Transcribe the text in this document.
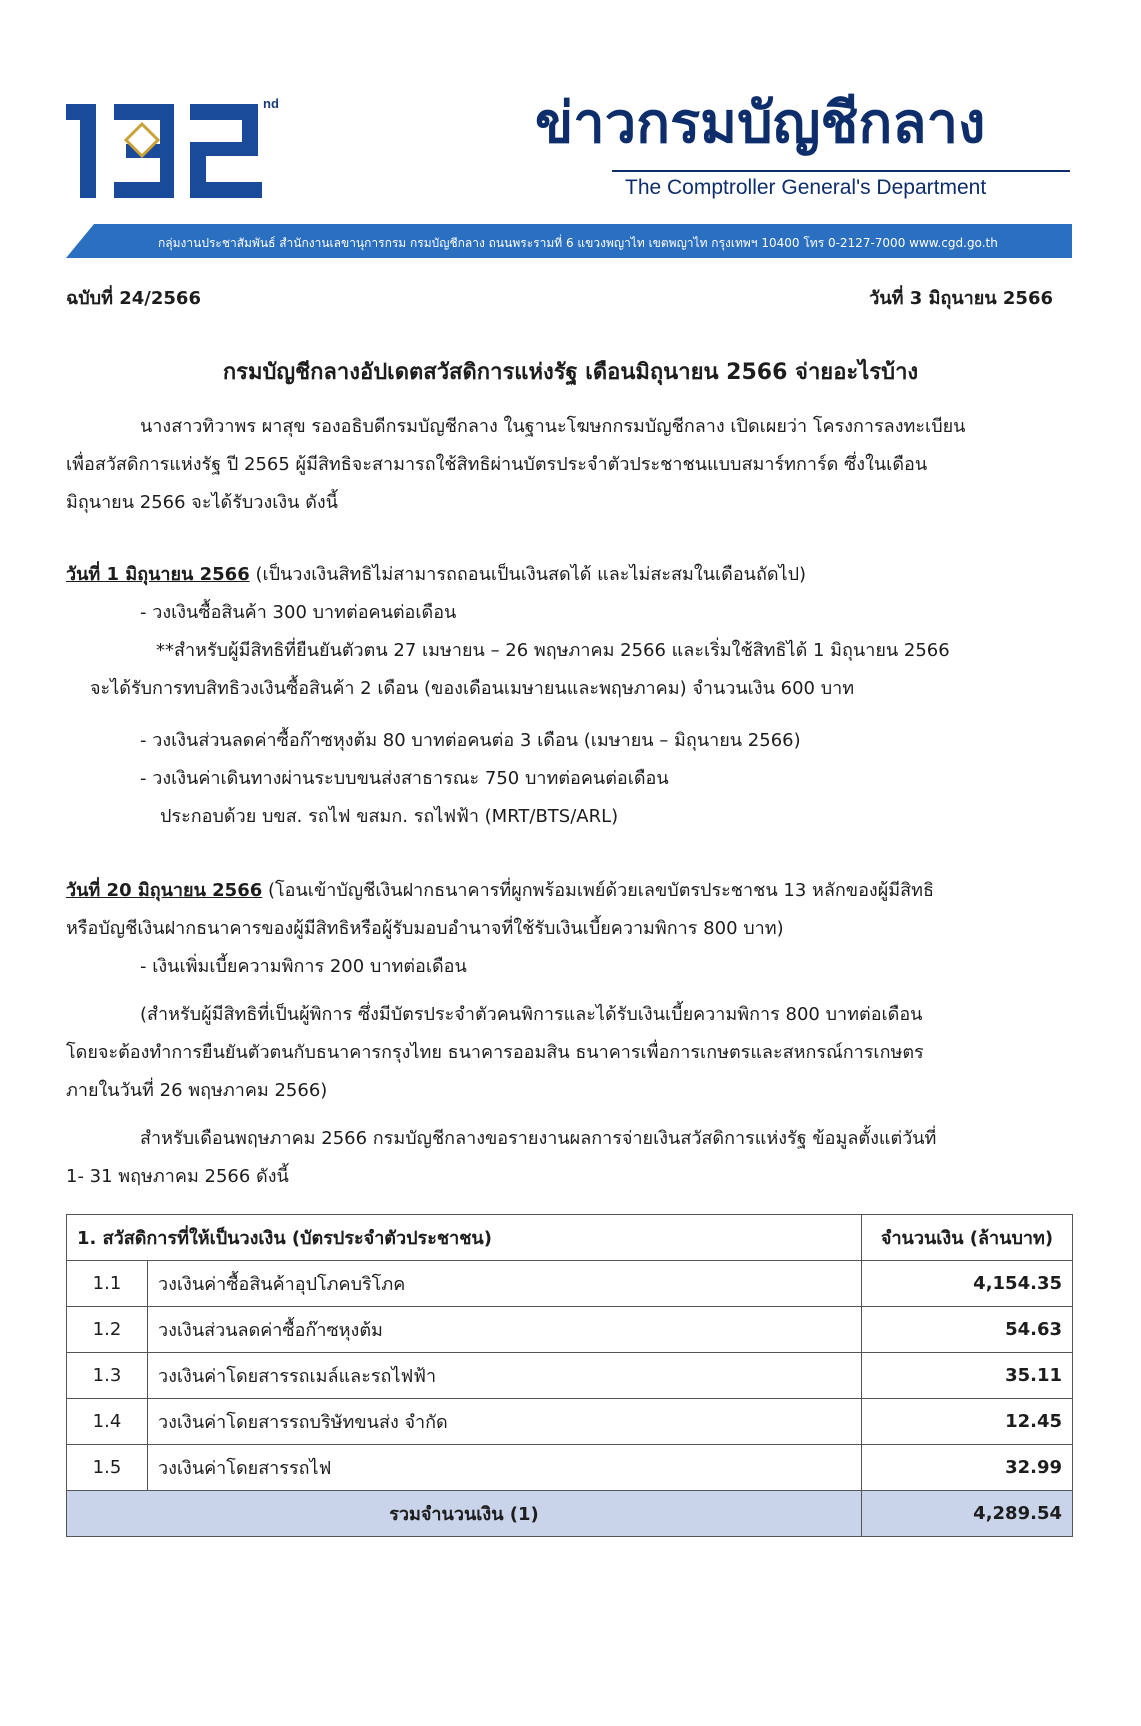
nd	ข่าวกรมบัญชีกลาง
The Comptroller General's Department
กลุ่มงานประชาสัมพันธ์ สำนักงานเลขานุการกรม กรมบัญชีกลาง ถนนพระรามที่ 6 แขวงพญาไท เขตพญาไท กรุงเทพฯ 10400 โทร 0-2127-7000 www.cgd.go.th
ฉบับที่ 24/2566	วันที่ 3 มิถุนายน 2566
กรมบัญชีกลางอัปเดตสวัสดิการแห่งรัฐ เดือนมิถุนายน 2566 จ่ายอะไรบ้าง
นางสาวทิวาพร ผาสุข รองอธิบดีกรมบัญชีกลาง ในฐานะโฆษกกรมบัญชีกลาง เปิดเผยว่า โครงการลงทะเบียน
เพื่อสวัสดิการแห่งรัฐ ปี 2565 ผู้มีสิทธิจะสามารถใช้สิทธิผ่านบัตรประจำตัวประชาชนแบบสมาร์ทการ์ด ซึ่งในเดือน
มิถุนายน 2566 จะได้รับวงเงิน ดังนี้
วันที่ 1 มิถุนายน 2566 (เป็นวงเงินสิทธิไม่สามารถถอนเป็นเงินสดได้ และไม่สะสมในเดือนถัดไป)
- วงเงินซื้อสินค้า 300 บาทต่อคนต่อเดือน
**สำหรับผู้มีสิทธิที่ยืนยันตัวตน 27 เมษายน – 26 พฤษภาคม 2566 และเริ่มใช้สิทธิได้ 1 มิถุนายน 2566
จะได้รับการทบสิทธิวงเงินซื้อสินค้า 2 เดือน (ของเดือนเมษายนและพฤษภาคม) จำนวนเงิน 600 บาท
- วงเงินส่วนลดค่าซื้อก๊าซหุงต้ม 80 บาทต่อคนต่อ 3 เดือน (เมษายน – มิถุนายน 2566)
- วงเงินค่าเดินทางผ่านระบบขนส่งสาธารณะ 750 บาทต่อคนต่อเดือน
ประกอบด้วย บขส. รถไฟ ขสมก. รถไฟฟ้า (MRT/BTS/ARL)
วันที่ 20 มิถุนายน 2566 (โอนเข้าบัญชีเงินฝากธนาคารที่ผูกพร้อมเพย์ด้วยเลขบัตรประชาชน 13 หลักของผู้มีสิทธิ
หรือบัญชีเงินฝากธนาคารของผู้มีสิทธิหรือผู้รับมอบอำนาจที่ใช้รับเงินเบี้ยความพิการ 800 บาท)
- เงินเพิ่มเบี้ยความพิการ 200 บาทต่อเดือน
(สำหรับผู้มีสิทธิที่เป็นผู้พิการ ซึ่งมีบัตรประจำตัวคนพิการและได้รับเงินเบี้ยความพิการ 800 บาทต่อเดือน
โดยจะต้องทำการยืนยันตัวตนกับธนาคารกรุงไทย ธนาคารออมสิน ธนาคารเพื่อการเกษตรและสหกรณ์การเกษตร
ภายในวันที่ 26 พฤษภาคม 2566)
สำหรับเดือนพฤษภาคม 2566 กรมบัญชีกลางขอรายงานผลการจ่ายเงินสวัสดิการแห่งรัฐ ข้อมูลตั้งแต่วันที่
1- 31 พฤษภาคม 2566 ดังนี้
1. สวัสดิการที่ให้เป็นวงเงิน (บัตรประจำตัวประชาชน)		จำนวนเงิน (ล้านบาท)
1.1	วงเงินค่าซื้อสินค้าอุปโภคบริโภค	4,154.35
1.2	วงเงินส่วนลดค่าซื้อก๊าซหุงต้ม	54.63
1.3	วงเงินค่าโดยสารรถเมล์และรถไฟฟ้า	35.11
1.4	วงเงินค่าโดยสารรถบริษัทขนส่ง จำกัด	12.45
1.5	วงเงินค่าโดยสารรถไฟ	32.99
รวมจำนวนเงิน (1)		4,289.54
